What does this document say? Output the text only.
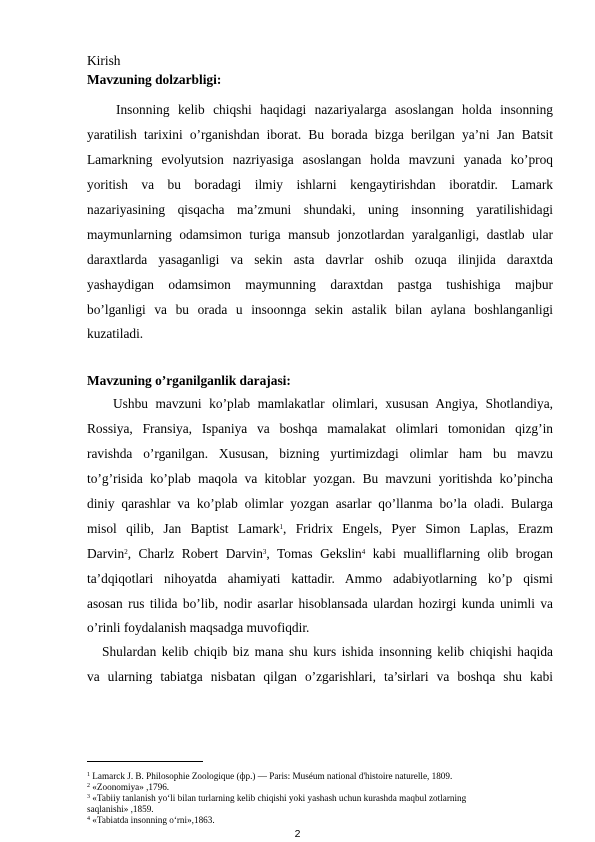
Kirish
Mavzuning dolzarbligi:
Insonning kelib chiqshi haqidagi nazariyalarga asoslangan holda insonning
yaratilish tarixini o’rganishdan iborat. Bu borada bizga berilgan ya’ni Jan Batsit
Lamarkning evolyutsion nazriyasiga asoslangan holda mavzuni yanada ko’proq
yoritish va bu boradagi ilmiy ishlarni kengaytirishdan iboratdir. Lamark
nazariyasining qisqacha ma’zmuni shundaki, uning insonning yaratilishidagi
maymunlarning odamsimon turiga mansub jonzotlardan yaralganligi, dastlab ular
daraxtlarda yasaganligi va sekin asta davrlar oshib ozuqa ilinjida daraxtda
yashaydigan odamsimon maymunning daraxtdan pastga tushishiga majbur
bo’lganligi va bu orada u insoonnga sekin astalik bilan aylana boshlanganligi
kuzatiladi.
Mavzuning o’rganilganlik darajasi:
Ushbu mavzuni ko’plab mamlakatlar olimlari, xususan Angiya, Shotlandiya,
Rossiya, Fransiya, Ispaniya va boshqa mamalakat olimlari tomonidan qizg’in
ravishda o’rganilgan. Xususan, bizning yurtimizdagi olimlar ham bu mavzu
to’g’risida ko’plab maqola va kitoblar yozgan. Bu mavzuni yoritishda ko’pincha
diniy qarashlar va ko’plab olimlar yozgan asarlar qo’llanma bo’la oladi. Bularga
misol qilib, Jan Baptist Lamark$^1$, Fridrix Engels, Pyer Simon Laplas, Erazm
Darvin$^2$, Charlz Robert Darvin$^3$, Tomas Gekslin$^4$ kabi mualliflarning olib brogan
ta’dqiqotlari nihoyatda ahamiyati kattadir. Ammo adabiyotlarning ko’p qismi
asosan rus tilida bo’lib, nodir asarlar hisoblansada ulardan hozirgi kunda unimli va
o’rinli foydalanish maqsadga muvofiqdir.
Shulardan kelib chiqib biz mana shu kurs ishida insonning kelib chiqishi haqida
va ularning tabiatga nisbatan qilgan o’zgarishlari, ta’sirlari va boshqa shu kabi
$^1$ Lamarck J. B. Philosophie Zoologique (фр.) — Paris: Muséum national d'histoire naturelle, 1809.
$^2$ «Zoonomiya» ,1796.
$^3$ «Tabiiy tanlanish yo‘li bilan turlarning kelib chiqishi yoki yashash uchun kurashda maqbul zotlarning
saqlanishi» ,1859.
$^4$ «Tabiatda insonning o‘rni»,1863.
2
